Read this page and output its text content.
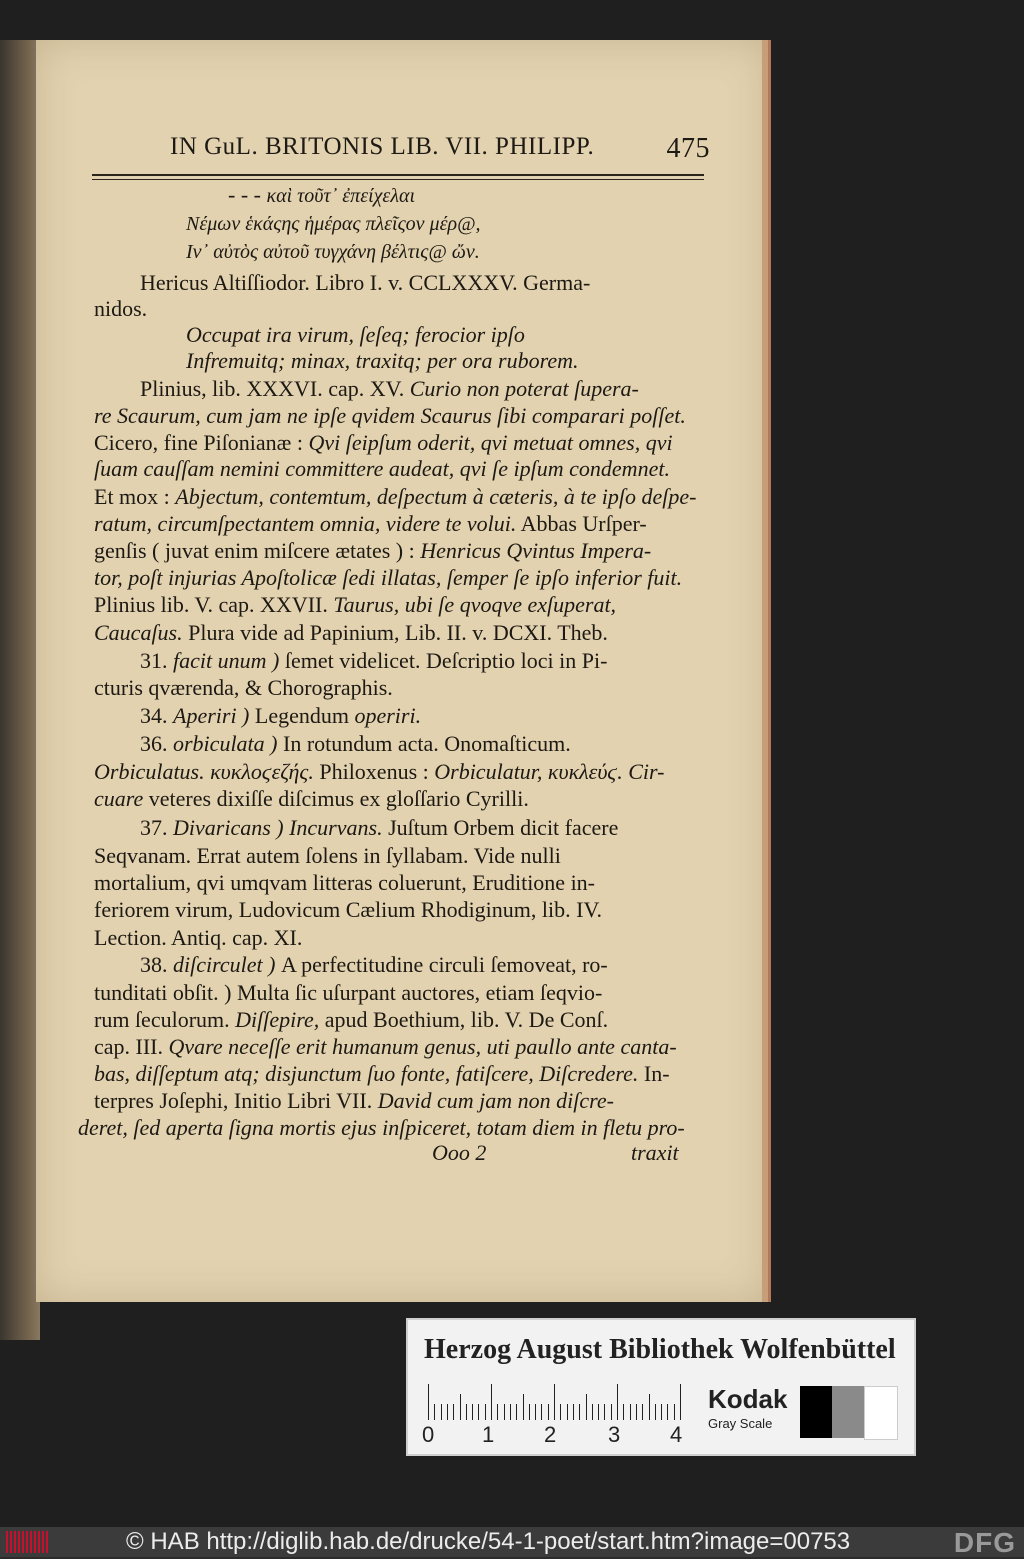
IN GuL. BRITONIS LIB. VII. PHILIPP.	475
- - - καὶ τοῦτ᾽ ἐπείχελαι
Νέμων ἑκάςης ἡμέρας πλεῖςον μέρ@,
Ιν᾽ αὐτὸς αὐτοῦ τυγχάνη βέλτις@ ὤν.
Hericus Altiſſiodor. Libro I. v. CCLXXXV. Germa-
nidos.
Occupat ira virum, ſeſeq; ferocior ipſo
Infremuitq; minax, traxitq; per ora ruborem.
Plinius, lib. XXXVI. cap. XV. Curio non poterat ſupera-
re Scaurum, cum jam ne ipſe qvidem Scaurus ſibi comparari poſſet.
Cicero, fine Piſonianæ : Qvi ſeipſum oderit, qvi metuat omnes, qvi
ſuam cauſſam nemini committere audeat, qvi ſe ipſum condemnet.
Et mox : Abjectum, contemtum, deſpectum à cæteris, à te ipſo deſpe-
ratum, circumſpectantem omnia, videre te volui. Abbas Urſper-
genſis ( juvat enim miſcere ætates ) : Henricus Qvintus Impera-
tor, poſt injurias Apoſtolicæ ſedi illatas, ſemper ſe ipſo inferior fuit.
Plinius lib. V. cap. XXVII. Taurus, ubi ſe qvoqve exſuperat,
Caucaſus. Plura vide ad Papinium, Lib. II. v. DCXI. Theb.
31. facit unum ) ſemet videlicet. Deſcriptio loci in Pi-
cturis qværenda, & Chorographis.
34. Aperiri ) Legendum operiri.
36. orbiculata ) In rotundum acta. Onomaſticum.
Orbiculatus. κυκλοϛεζής. Philoxenus : Orbiculatur, κυκλεύϛ. Cir-
cuare veteres dixiſſe diſcimus ex gloſſario Cyrilli.
37. Divaricans ) Incurvans. Juſtum Orbem dicit facere
Seqvanam. Errat autem ſolens in ſyllabam. Vide nulli
mortalium, qvi umqvam litteras coluerunt, Eruditione in-
feriorem virum, Ludovicum Cælium Rhodiginum, lib. IV.
Lection. Antiq. cap. XI.
38. diſcirculet ) A perfectitudine circuli ſemoveat, ro-
tunditati obſit. ) Multa ſic uſurpant auctores, etiam ſeqvio-
rum ſeculorum. Diſſepire, apud Boethium, lib. V. De Conſ.
cap. III. Qvare neceſſe erit humanum genus, uti paullo ante canta-
bas, diſſeptum atq; disjunctum ſuo fonte, fatiſcere, Diſcredere. In-
terpres Joſephi, Initio Libri VII. David cum jam non diſcre-
deret, ſed aperta ſigna mortis ejus inſpiceret, totam diem in fletu pro-
Ooo 2	traxit
Herzog August Bibliothek Wolfenbüttel
0 1 2 3 4
Kodak
Gray Scale
© HAB http://diglib.hab.de/drucke/54-1-poet/start.htm?image=00753	DFG
